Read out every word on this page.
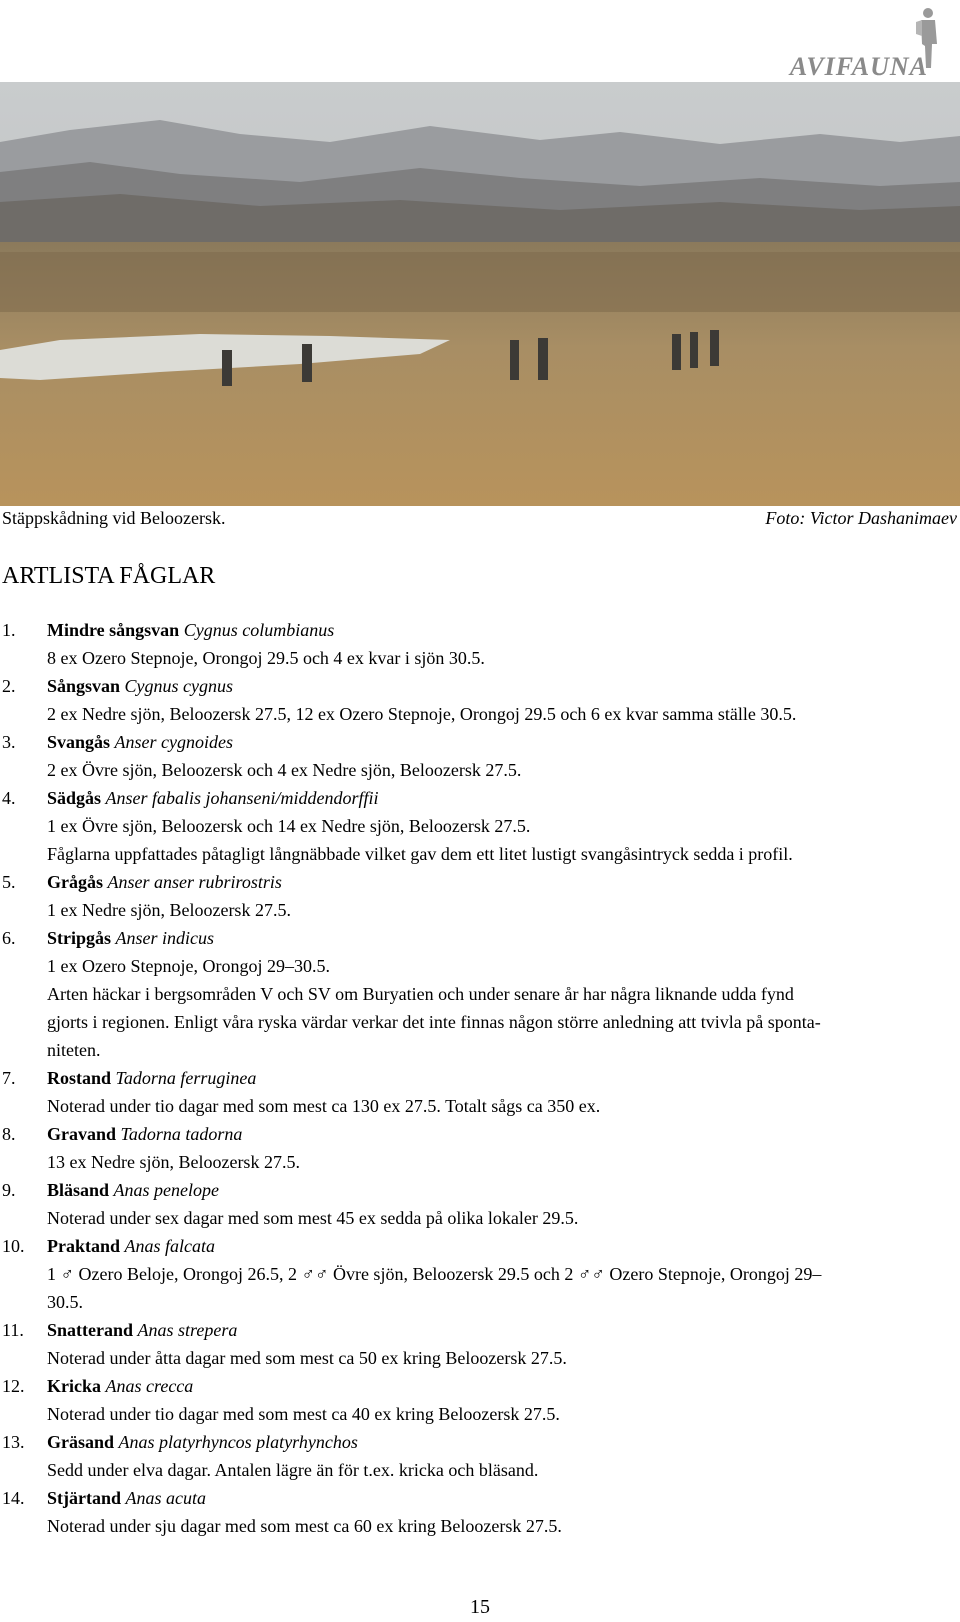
AVIFAUNA
Stäppskådning vid Beloozersk.	Foto: Victor Dashanimaev
ARTLISTA FÅGLAR
1. Mindre sångsvan Cygnus columbianus
8 ex Ozero Stepnoje, Orongoj 29.5 och 4 ex kvar i sjön 30.5.
2. Sångsvan Cygnus cygnus
2 ex Nedre sjön, Beloozersk 27.5, 12 ex Ozero Stepnoje, Orongoj 29.5 och 6 ex kvar samma ställe 30.5.
3. Svangås Anser cygnoides
2 ex Övre sjön, Beloozersk och 4 ex Nedre sjön, Beloozersk 27.5.
4. Sädgås Anser fabalis johanseni/middendorffii
1 ex Övre sjön, Beloozersk och 14 ex Nedre sjön, Beloozersk 27.5.
Fåglarna uppfattades påtagligt långnäbbade vilket gav dem ett litet lustigt svangåsintryck sedda i profil.
5. Grågås Anser anser rubrirostris
1 ex Nedre sjön, Beloozersk 27.5.
6. Stripgås Anser indicus
1 ex Ozero Stepnoje, Orongoj 29–30.5.
Arten häckar i bergsområden V och SV om Buryatien och under senare år har några liknande udda fynd
gjorts i regionen. Enligt våra ryska värdar verkar det inte finnas någon större anledning att tvivla på sponta-
niteten.
7. Rostand Tadorna ferruginea
Noterad under tio dagar med som mest ca 130 ex 27.5. Totalt sågs ca 350 ex.
8. Gravand Tadorna tadorna
13 ex Nedre sjön, Beloozersk 27.5.
9. Bläsand Anas penelope
Noterad under sex dagar med som mest 45 ex sedda på olika lokaler 29.5.
10. Praktand Anas falcata
1 ♂ Ozero Beloje, Orongoj 26.5, 2 ♂♂ Övre sjön, Beloozersk 29.5 och 2 ♂♂ Ozero Stepnoje, Orongoj 29–
30.5.
11. Snatterand Anas strepera
Noterad under åtta dagar med som mest ca 50 ex kring Beloozersk 27.5.
12. Kricka Anas crecca
Noterad under tio dagar med som mest ca 40 ex kring Beloozersk 27.5.
13. Gräsand Anas platyrhyncos platyrhynchos
Sedd under elva dagar. Antalen lägre än för t.ex. kricka och bläsand.
14. Stjärtand Anas acuta
Noterad under sju dagar med som mest ca 60 ex kring Beloozersk 27.5.
15
